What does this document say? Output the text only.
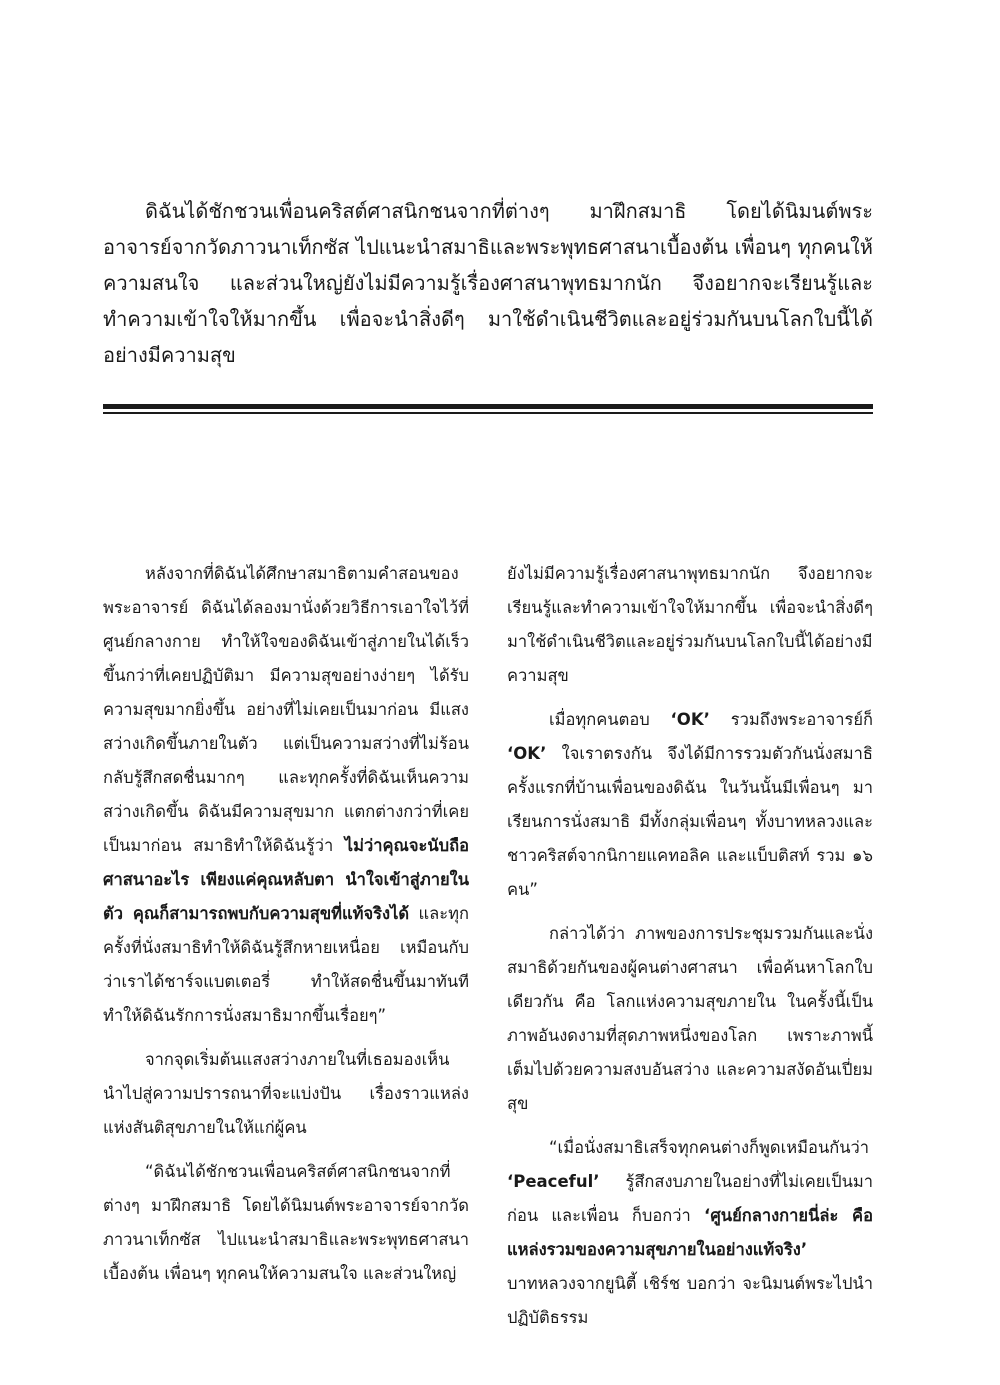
ดิฉันได้ชักชวนเพื่อนคริสต์ศาสนิกชนจากที่ต่างๆ มาฝึกสมาธิ โดยได้นิมนต์พระอาจารย์จากวัดภาวนาเท็กซัส ไปแนะนำสมาธิและพระพุทธศาสนาเบื้องต้น เพื่อนๆ ทุกคนให้ความสนใจ และส่วนใหญ่ยังไม่มีความรู้เรื่องศาสนาพุทธมากนัก จึงอยากจะเรียนรู้และทำความเข้าใจให้มากขึ้น เพื่อจะนำสิ่งดีๆ มาใช้ดำเนินชีวิตและอยู่ร่วมกันบนโลกใบนี้ได้อย่างมีความสุข

หลังจากที่ดิฉันได้ศึกษาสมาธิตามคำสอนของพระอาจารย์ ดิฉันได้ลองมานั่งด้วยวิธีการเอาใจไว้ที่ศูนย์กลางกาย ทำให้ใจของดิฉันเข้าสู่ภายในได้เร็วขึ้นกว่าที่เคยปฏิบัติมา มีความสุขอย่างง่ายๆ ได้รับความสุขมากยิ่งขึ้น อย่างที่ไม่เคยเป็นมาก่อน มีแสงสว่างเกิดขึ้นภายในตัว แต่เป็นความสว่างที่ไม่ร้อน กลับรู้สึกสดชื่นมากๆ และทุกครั้งที่ดิฉันเห็นความสว่างเกิดขึ้น ดิฉันมีความสุขมาก แตกต่างกว่าที่เคยเป็นมาก่อน สมาธิทำให้ดิฉันรู้ว่า ไม่ว่าคุณจะนับถือศาสนาอะไร เพียงแค่คุณหลับตา นำใจเข้าสู่ภายในตัว คุณก็สามารถพบกับความสุขที่แท้จริงได้ และทุกครั้งที่นั่งสมาธิทำให้ดิฉันรู้สึกหายเหนื่อย เหมือนกับว่าเราได้ชาร์จแบตเตอรี่ ทำให้สดชื่นขึ้นมาทันที ทำให้ดิฉันรักการนั่งสมาธิมากขึ้นเรื่อยๆ”

จากจุดเริ่มต้นแสงสว่างภายในที่เธอมองเห็น นำไปสู่ความปรารถนาที่จะแบ่งปัน เรื่องราวแหล่งแห่งสันติสุขภายในให้แก่ผู้คน

“ดิฉันได้ชักชวนเพื่อนคริสต์ศาสนิกชนจากที่ต่างๆ มาฝึกสมาธิ โดยได้นิมนต์พระอาจารย์จากวัดภาวนาเท็กซัส ไปแนะนำสมาธิและพระพุทธศาสนาเบื้องต้น เพื่อนๆ ทุกคนให้ความสนใจ และส่วนใหญ่

ยังไม่มีความรู้เรื่องศาสนาพุทธมากนัก จึงอยากจะเรียนรู้และทำความเข้าใจให้มากขึ้น เพื่อจะนำสิ่งดีๆ มาใช้ดำเนินชีวิตและอยู่ร่วมกันบนโลกใบนี้ได้อย่างมีความสุข

เมื่อทุกคนตอบ ‘OK’ รวมถึงพระอาจารย์ก็ ‘OK’ ใจเราตรงกัน จึงได้มีการรวมตัวกันนั่งสมาธิครั้งแรกที่บ้านเพื่อนของดิฉัน ในวันนั้นมีเพื่อนๆ มาเรียนการนั่งสมาธิ มีทั้งกลุ่มเพื่อนๆ ทั้งบาทหลวงและชาวคริสต์จากนิกายแคทอลิค และแบ็บติสท์ รวม ๑๖ คน”

กล่าวได้ว่า ภาพของการประชุมรวมกันและนั่งสมาธิด้วยกันของผู้คนต่างศาสนา เพื่อค้นหาโลกใบเดียวกัน คือ โลกแห่งความสุขภายใน ในครั้งนี้เป็นภาพอันงดงามที่สุดภาพหนึ่งของโลก เพราะภาพนี้เต็มไปด้วยความสงบอันสว่าง และความสงัดอันเปี่ยมสุข

“เมื่อนั่งสมาธิเสร็จทุกคนต่างก็พูดเหมือนกันว่า ‘Peaceful’ รู้สึกสงบภายในอย่างที่ไม่เคยเป็นมาก่อน และเพื่อน ก็บอกว่า ‘ศูนย์กลางกายนี่ล่ะ คือแหล่งรวมของความสุขภายในอย่างแท้จริง’ บาทหลวงจากยูนิตี้ เชิร์ช บอกว่า จะนิมนต์พระไปนำปฏิบัติธรรม
